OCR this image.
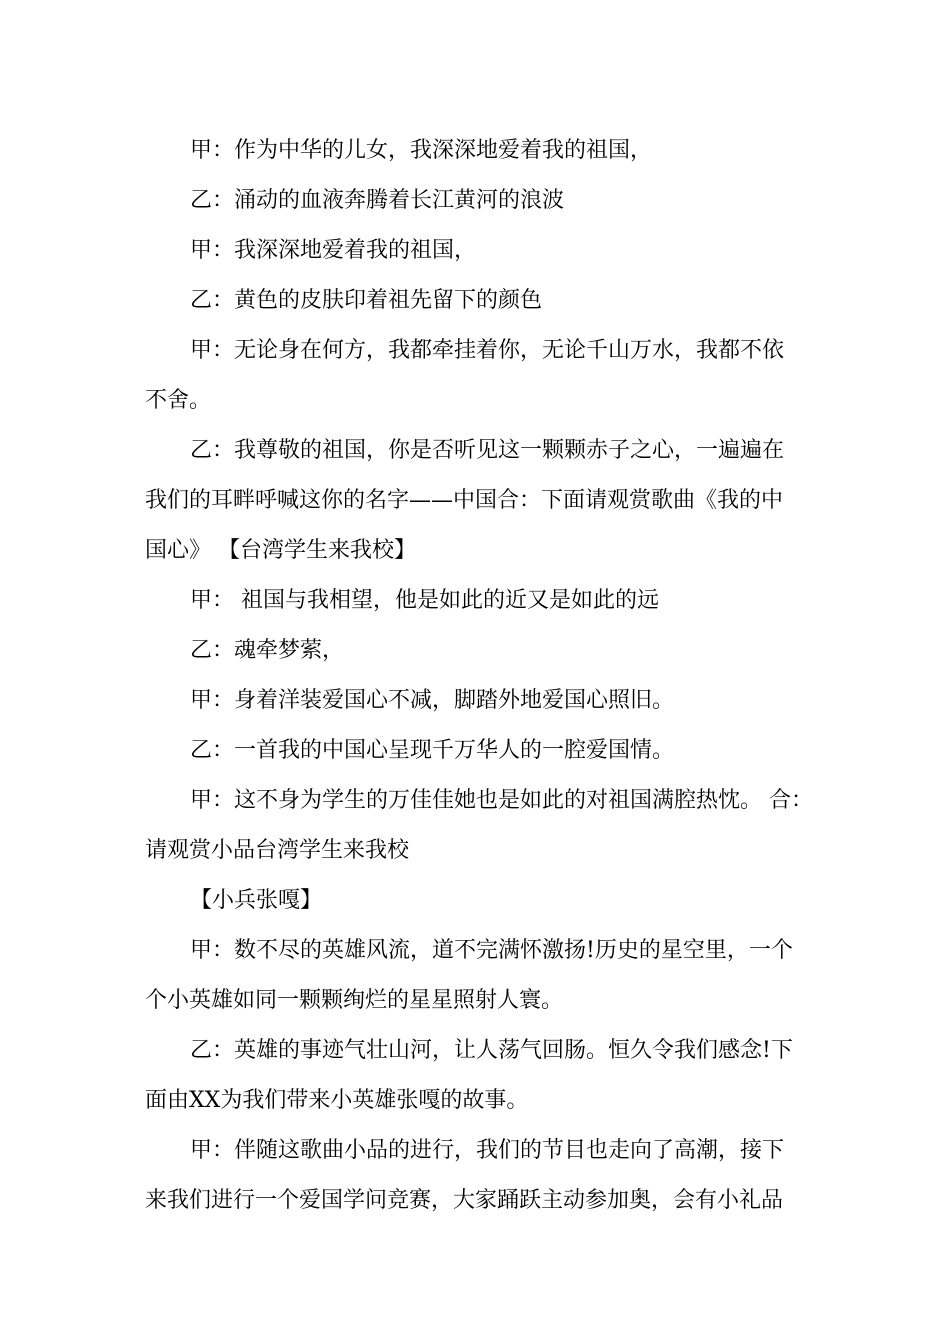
甲：作为中华的儿女，我深深地爱着我的祖国，
乙：涌动的血液奔腾着长江黄河的浪波
甲：我深深地爱着我的祖国，
乙：黄色的皮肤印着祖先留下的颜色
甲：无论身在何方，我都牵挂着你，无论千山万水，我都不依
不舍。
乙：我尊敬的祖国，你是否听见这一颗颗赤子之心，一遍遍在
我们的耳畔呼喊这你的名字——中国合：下面请观赏歌曲《我的中
国心》 【台湾学生来我校】
甲： 祖国与我相望，他是如此的近又是如此的远
乙：魂牵梦萦，
甲：身着洋装爱国心不减，脚踏外地爱国心照旧。
乙：一首我的中国心呈现千万华人的一腔爱国情。
甲：这不身为学生的万佳佳她也是如此的对祖国满腔热忱。 合：
请观赏小品台湾学生来我校
【小兵张嘎】
甲：数不尽的英雄风流，道不完满怀激扬!历史的星空里，一个
个小英雄如同一颗颗绚烂的星星照射人寰。
乙：英雄的事迹气壮山河，让人荡气回肠。恒久令我们感念!下
面由XX为我们带来小英雄张嘎的故事。
甲：伴随这歌曲小品的进行，我们的节目也走向了高潮，接下
来我们进行一个爱国学问竞赛，大家踊跃主动参加奥，会有小礼品
